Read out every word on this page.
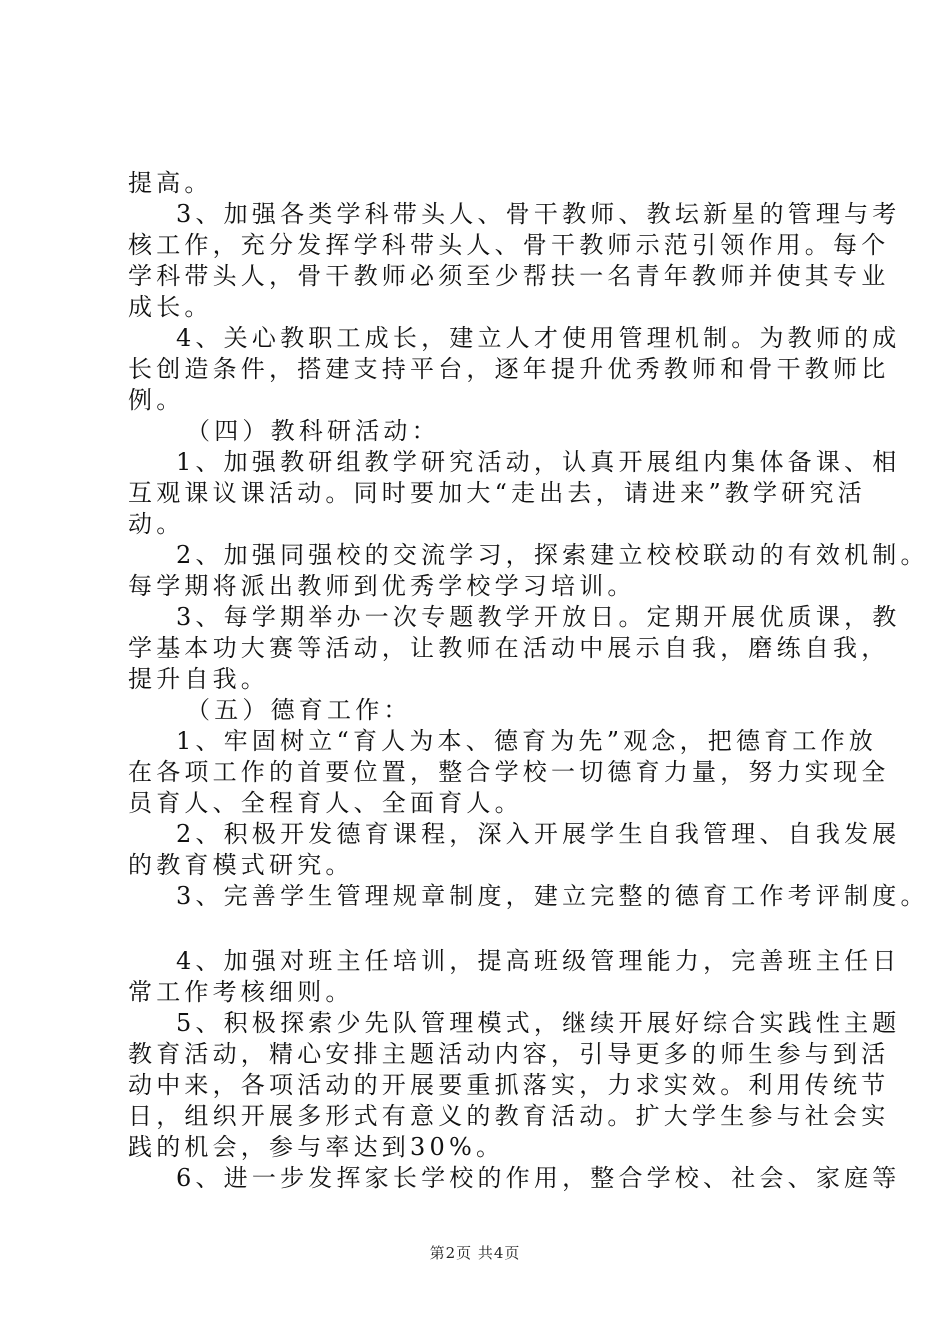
提高。
3、加强各类学科带头人、骨干教师、教坛新星的管理与考
核工作，充分发挥学科带头人、骨干教师示范引领作用。每个
学科带头人，骨干教师必须至少帮扶一名青年教师并使其专业
成长。
4、关心教职工成长，建立人才使用管理机制。为教师的成
长创造条件，搭建支持平台，逐年提升优秀教师和骨干教师比
例。
（四）教科研活动：
1、加强教研组教学研究活动，认真开展组内集体备课、相
互观课议课活动。同时要加大“走出去，请进来”教学研究活
动。
2、加强同强校的交流学习，探索建立校校联动的有效机制。
每学期将派出教师到优秀学校学习培训。
3、每学期举办一次专题教学开放日。定期开展优质课，教
学基本功大赛等活动，让教师在活动中展示自我，磨练自我，
提升自我。
（五）德育工作：
1、牢固树立“育人为本、德育为先”观念，把德育工作放
在各项工作的首要位置，整合学校一切德育力量，努力实现全
员育人、全程育人、全面育人。
2、积极开发德育课程，深入开展学生自我管理、自我发展
的教育模式研究。
3、完善学生管理规章制度，建立完整的德育工作考评制度。
4、加强对班主任培训，提高班级管理能力，完善班主任日
常工作考核细则。
5、积极探索少先队管理模式，继续开展好综合实践性主题
教育活动，精心安排主题活动内容，引导更多的师生参与到活
动中来，各项活动的开展要重抓落实，力求实效。利用传统节
日，组织开展多形式有意义的教育活动。扩大学生参与社会实
践的机会，参与率达到30%。
6、进一步发挥家长学校的作用，整合学校、社会、家庭等
第2页 共4页
